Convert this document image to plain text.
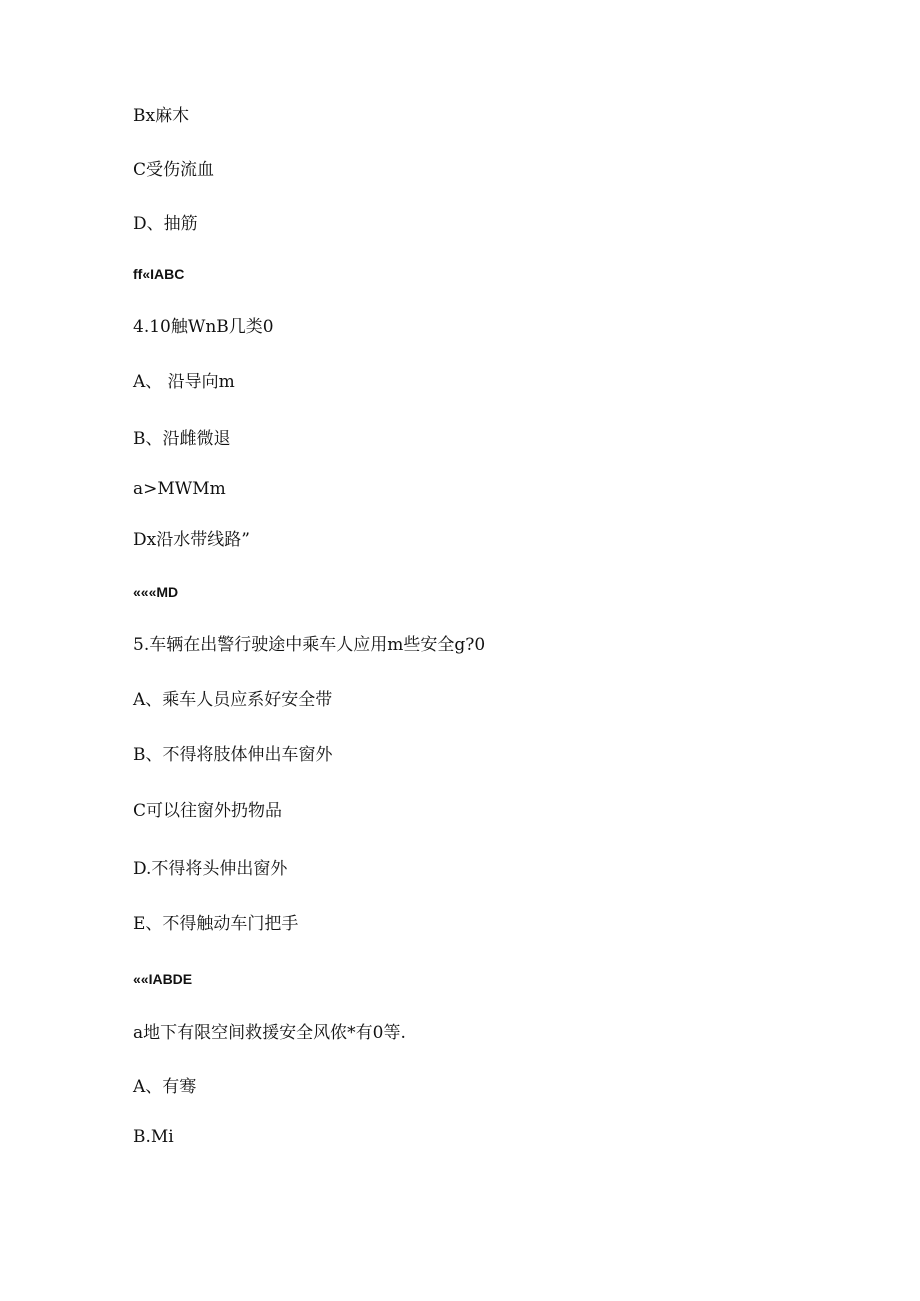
Bx麻木
C受伤流血
D、抽筋
ff«IABC
4.10触WnB几类0
A、 沿导向m
B、沿雌微退
a>MWMm
Dx沿水带线路”
«««MD
5.车辆在出警行驶途中乘车人应用m些安全g?0
A、乘车人员应系好安全带
B、不得将肢体伸出车窗外
C可以往窗外扔物品
D.不得将头伸出窗外
E、不得触动车门把手
««IABDE
a地下有限空间救援安全风侬*有0等.
A、有骞
B.Mi
